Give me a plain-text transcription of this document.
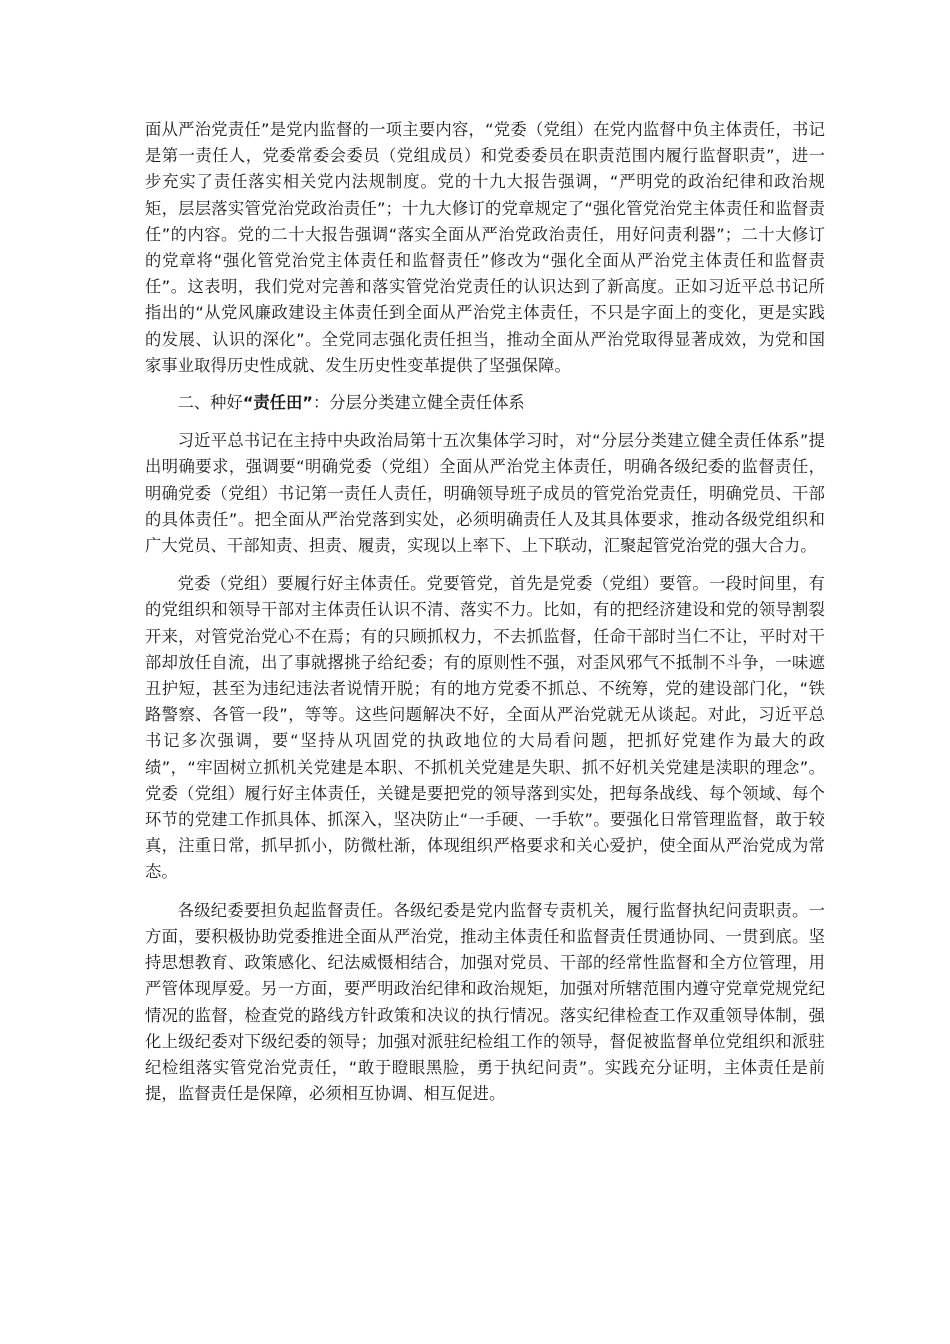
面从严治党责任”是党内监督的一项主要内容，“党委（党组）在党内监督中负主体责任，书记是第一责任人，党委常委会委员（党组成员）和党委委员在职责范围内履行监督职责”，进一步充实了责任落实相关党内法规制度。党的十九大报告强调，“严明党的政治纪律和政治规矩，层层落实管党治党政治责任”；十九大修订的党章规定了“强化管党治党主体责任和监督责任”的内容。党的二十大报告强调“落实全面从严治党政治责任，用好问责利器”；二十大修订的党章将“强化管党治党主体责任和监督责任”修改为“强化全面从严治党主体责任和监督责任”。这表明，我们党对完善和落实管党治党责任的认识达到了新高度。正如习近平总书记所指出的“从党风廉政建设主体责任到全面从严治党主体责任，不只是字面上的变化，更是实践的发展、认识的深化”。全党同志强化责任担当，推动全面从严治党取得显著成效，为党和国家事业取得历史性成就、发生历史性变革提供了坚强保障。

二、种好“责任田”：分层分类建立健全责任体系

习近平总书记在主持中央政治局第十五次集体学习时，对“分层分类建立健全责任体系”提出明确要求，强调要“明确党委（党组）全面从严治党主体责任，明确各级纪委的监督责任，明确党委（党组）书记第一责任人责任，明确领导班子成员的管党治党责任，明确党员、干部的具体责任”。把全面从严治党落到实处，必须明确责任人及其具体要求，推动各级党组织和广大党员、干部知责、担责、履责，实现以上率下、上下联动，汇聚起管党治党的强大合力。

党委（党组）要履行好主体责任。党要管党，首先是党委（党组）要管。一段时间里，有的党组织和领导干部对主体责任认识不清、落实不力。比如，有的把经济建设和党的领导割裂开来，对管党治党心不在焉；有的只顾抓权力，不去抓监督，任命干部时当仁不让，平时对干部却放任自流，出了事就撂挑子给纪委；有的原则性不强，对歪风邪气不抵制不斗争，一味遮丑护短，甚至为违纪违法者说情开脱；有的地方党委不抓总、不统筹，党的建设部门化，“铁路警察、各管一段”，等等。这些问题解决不好，全面从严治党就无从谈起。对此，习近平总书记多次强调，要“坚持从巩固党的执政地位的大局看问题，把抓好党建作为最大的政绩”，“牢固树立抓机关党建是本职、不抓机关党建是失职、抓不好机关党建是渎职的理念”。党委（党组）履行好主体责任，关键是要把党的领导落到实处，把每条战线、每个领域、每个环节的党建工作抓具体、抓深入，坚决防止“一手硬、一手软”。要强化日常管理监督，敢于较真，注重日常，抓早抓小，防微杜渐，体现组织严格要求和关心爱护，使全面从严治党成为常态。

各级纪委要担负起监督责任。各级纪委是党内监督专责机关，履行监督执纪问责职责。一方面，要积极协助党委推进全面从严治党，推动主体责任和监督责任贯通协同、一贯到底。坚持思想教育、政策感化、纪法威慑相结合，加强对党员、干部的经常性监督和全方位管理，用严管体现厚爱。另一方面，要严明政治纪律和政治规矩，加强对所辖范围内遵守党章党规党纪情况的监督，检查党的路线方针政策和决议的执行情况。落实纪律检查工作双重领导体制，强化上级纪委对下级纪委的领导；加强对派驻纪检组工作的领导，督促被监督单位党组织和派驻纪检组落实管党治党责任，“敢于瞪眼黑脸，勇于执纪问责”。实践充分证明，主体责任是前提，监督责任是保障，必须相互协调、相互促进。
